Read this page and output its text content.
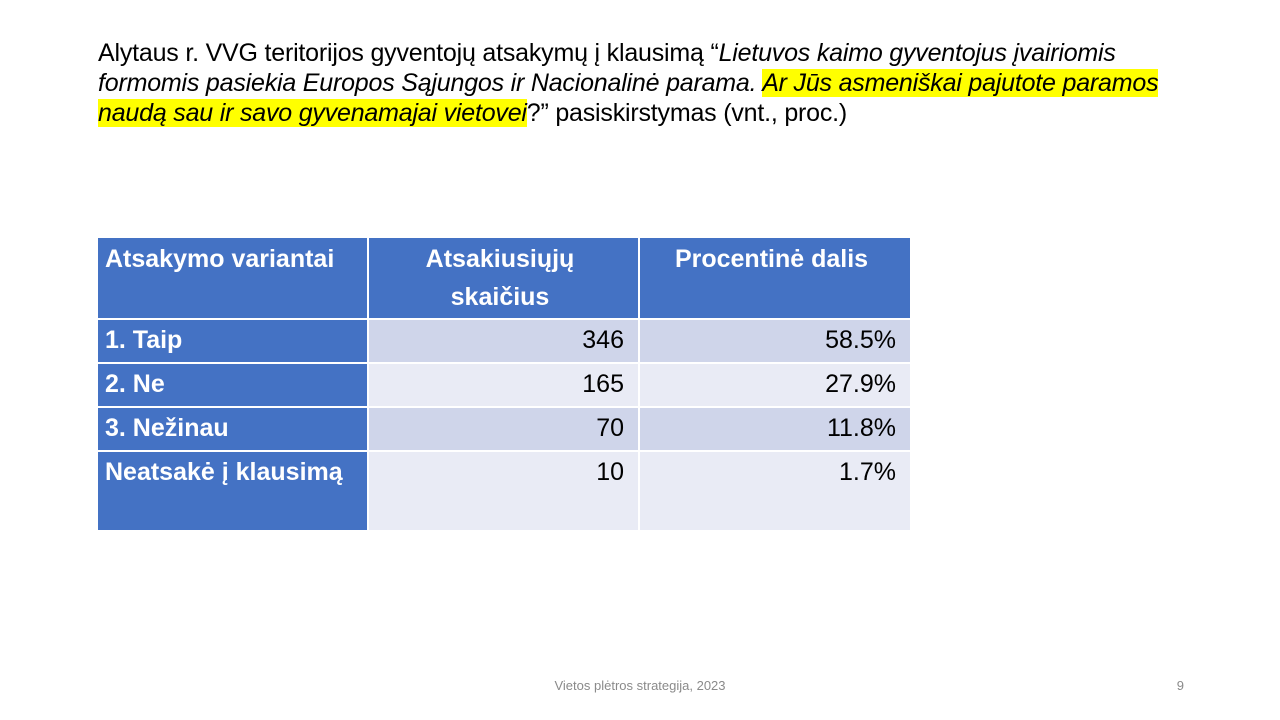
Alytaus r. VVG teritorijos gyventojų atsakymų į klausimą “Lietuvos kaimo gyventojus įvairiomis formomis pasiekia Europos Sąjungos ir Nacionalinė parama. Ar Jūs asmeniškai pajutote paramos naudą sau ir savo gyvenamajai vietovei?” pasiskirstymas (vnt., proc.)
Atsakymo variantai	Atsakiusiųjų skaičius	Procentinė dalis
1. Taip	346	58.5%
2. Ne	165	27.9%
3. Nežinau	70	11.8%
Neatsakė į klausimą	10	1.7%
Vietos plėtros strategija, 2023	9
